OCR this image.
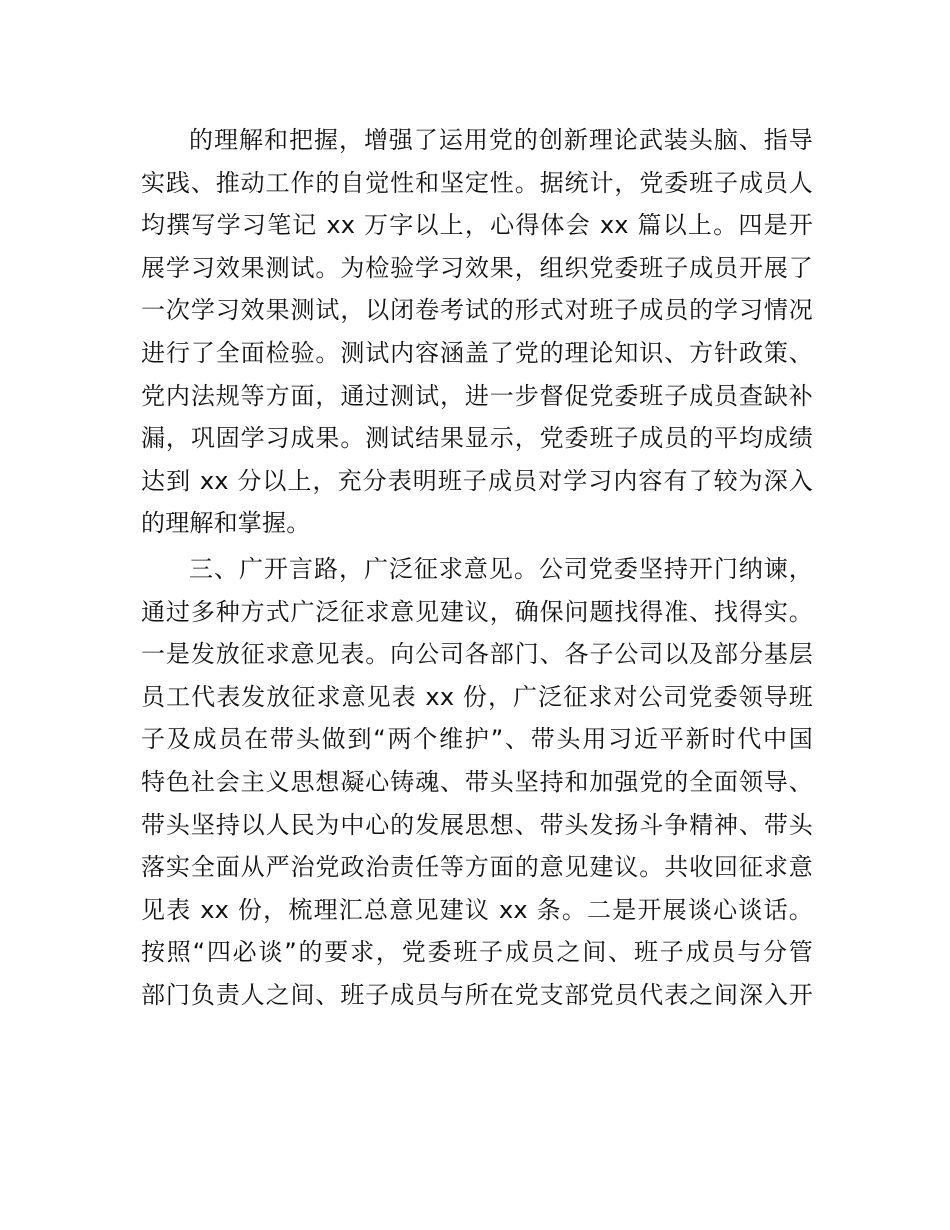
的理解和把握，增强了运用党的创新理论武装头脑、指导
实践、推动工作的自觉性和坚定性。据统计，党委班子成员人
均撰写学习笔记 xx 万字以上，心得体会 xx 篇以上。四是开
展学习效果测试。为检验学习效果，组织党委班子成员开展了
一次学习效果测试，以闭卷考试的形式对班子成员的学习情况
进行了全面检验。测试内容涵盖了党的理论知识、方针政策、
党内法规等方面，通过测试，进一步督促党委班子成员查缺补
漏，巩固学习成果。测试结果显示，党委班子成员的平均成绩
达到 xx 分以上，充分表明班子成员对学习内容有了较为深入
的理解和掌握。

三、广开言路，广泛征求意见。公司党委坚持开门纳谏，
通过多种方式广泛征求意见建议，确保问题找得准、找得实。
一是发放征求意见表。向公司各部门、各子公司以及部分基层
员工代表发放征求意见表 xx 份，广泛征求对公司党委领导班
子及成员在带头做到“两个维护”、带头用习近平新时代中国
特色社会主义思想凝心铸魂、带头坚持和加强党的全面领导、
带头坚持以人民为中心的发展思想、带头发扬斗争精神、带头
落实全面从严治党政治责任等方面的意见建议。共收回征求意
见表 xx 份，梳理汇总意见建议 xx 条。二是开展谈心谈话。
按照“四必谈”的要求，党委班子成员之间、班子成员与分管
部门负责人之间、班子成员与所在党支部党员代表之间深入开
